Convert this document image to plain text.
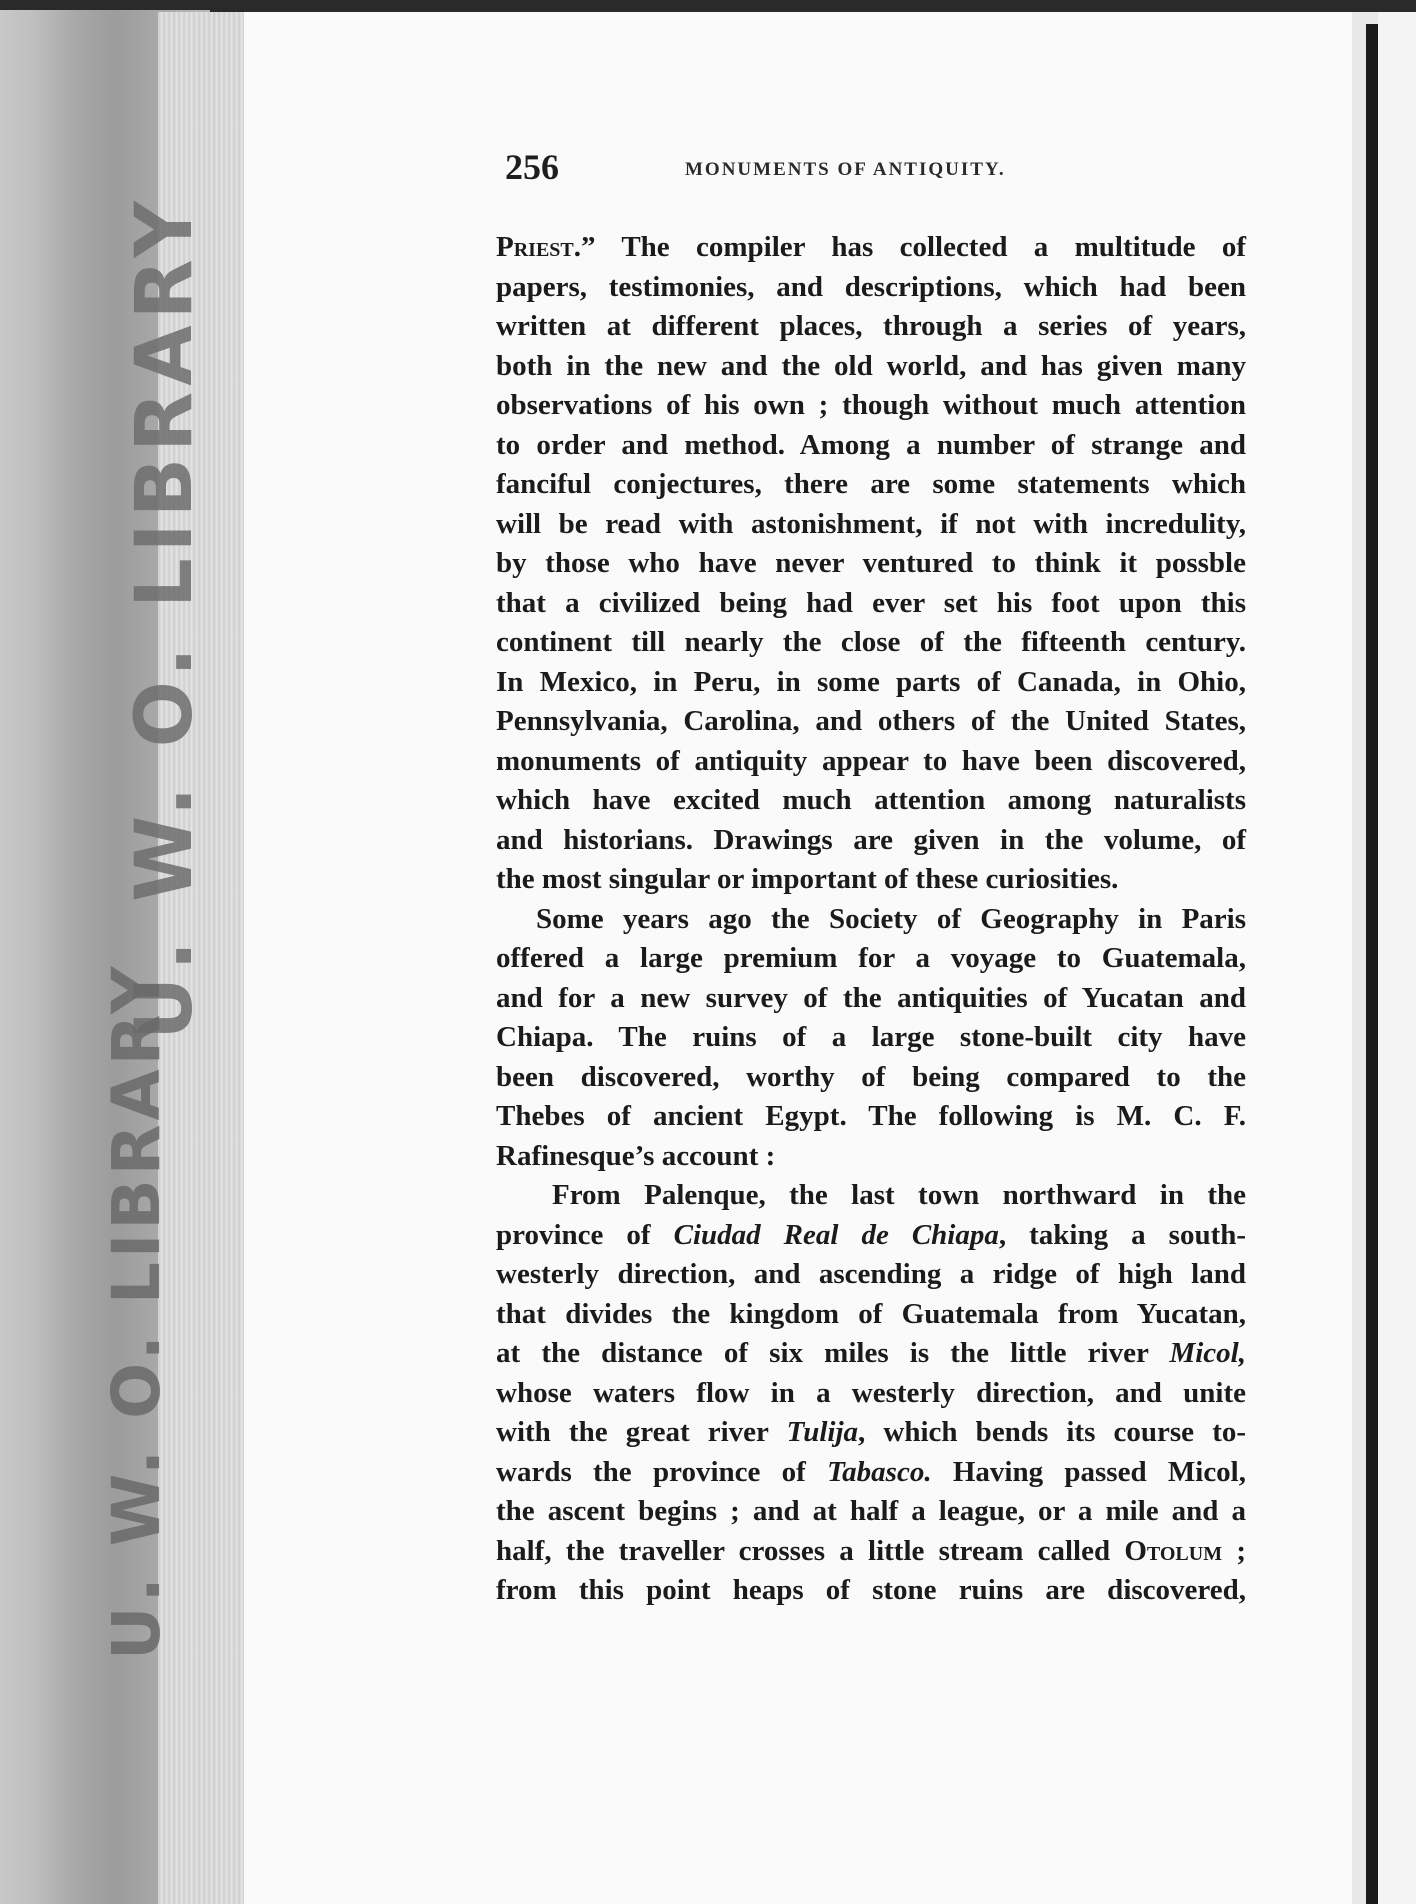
U. W. O. LIBRARY
U. W. O. LIBRARY
256	MONUMENTS OF ANTIQUITY.
Priest.” The compiler has collected a multitude of
papers, testimonies, and descriptions, which had been
written at different places, through a series of years,
both in the new and the old world, and has given many
observations of his own ; though without much attention
to order and method. Among a number of strange and
fanciful conjectures, there are some statements which
will be read with astonishment, if not with incredulity,
by those who have never ventured to think it possble
that a civilized being had ever set his foot upon this
continent till nearly the close of the fifteenth century.
In Mexico, in Peru, in some parts of Canada, in Ohio,
Pennsylvania, Carolina, and others of the United States,
monuments of antiquity appear to have been discovered,
which have excited much attention among naturalists
and historians. Drawings are given in the volume, of
the most singular or important of these curiosities.
Some years ago the Society of Geography in Paris
offered a large premium for a voyage to Guatemala,
and for a new survey of the antiquities of Yucatan and
Chiapa. The ruins of a large stone-built city have
been discovered, worthy of being compared to the
Thebes of ancient Egypt. The following is M. C. F.
Rafinesque’s account :
From Palenque, the last town northward in the
province of Ciudad Real de Chiapa, taking a south-
westerly direction, and ascending a ridge of high land
that divides the kingdom of Guatemala from Yucatan,
at the distance of six miles is the little river Micol,
whose waters flow in a westerly direction, and unite
with the great river Tulija, which bends its course to-
wards the province of Tabasco. Having passed Micol,
the ascent begins ; and at half a league, or a mile and a
half, the traveller crosses a little stream called Otolum ;
from this point heaps of stone ruins are discovered,
